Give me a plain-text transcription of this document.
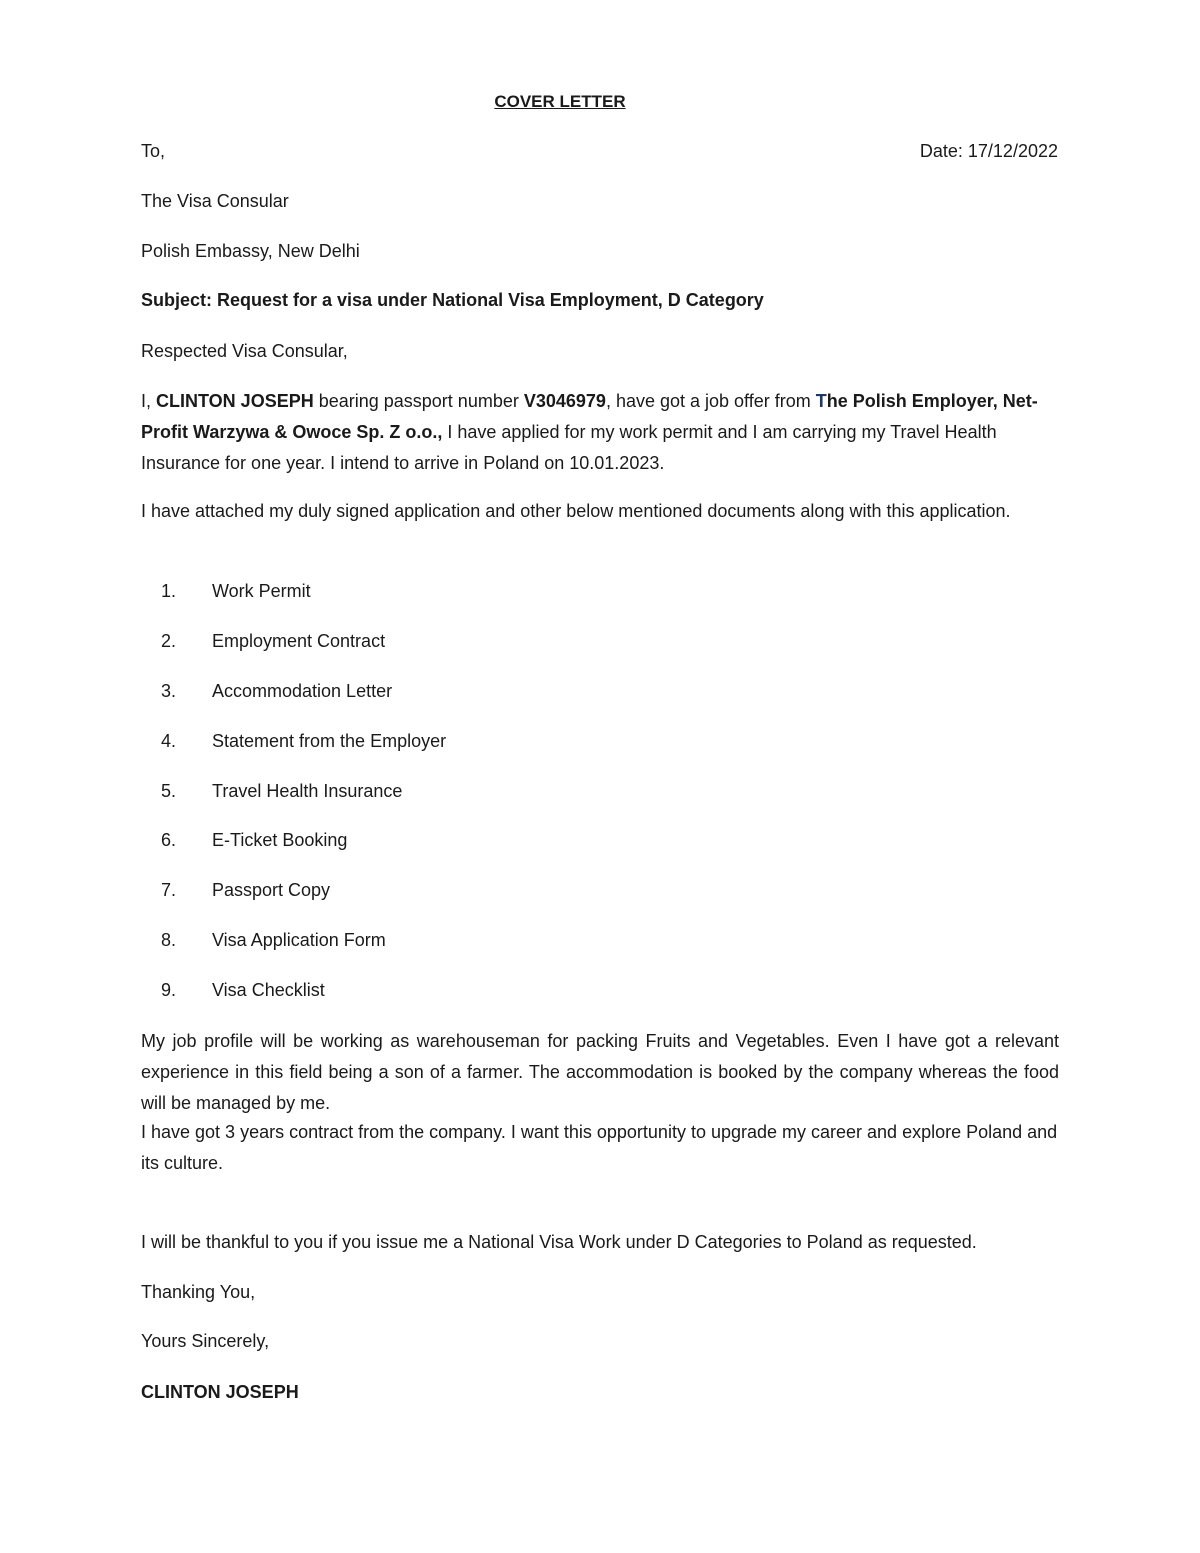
COVER LETTER
To,	Date: 17/12/2022
The Visa Consular
Polish Embassy, New Delhi
Subject: Request for a visa under National Visa Employment, D Category
Respected Visa Consular,
I, CLINTON JOSEPH bearing passport number V3046979, have got a job offer from The Polish Employer, Net-Profit Warzywa & Owoce Sp. Z o.o., I have applied for my work permit and I am carrying my Travel Health Insurance for one year. I intend to arrive in Poland on 10.01.2023.
I have attached my duly signed application and other below mentioned documents along with this application.
1.	Work Permit
2.	Employment Contract
3.	Accommodation Letter
4.	Statement from the Employer
5.	Travel Health Insurance
6.	E-Ticket Booking
7.	Passport Copy
8.	Visa Application Form
9.	Visa Checklist
My job profile will be working as warehouseman for packing Fruits and Vegetables. Even I have got a relevant experience in this field being a son of a farmer. The accommodation is booked by the company whereas the food will be managed by me.
I have got 3 years contract from the company. I want this opportunity to upgrade my career and explore Poland and its culture.
I will be thankful to you if you issue me a National Visa Work under D Categories to Poland as requested.
Thanking You,
Yours Sincerely,
CLINTON JOSEPH
